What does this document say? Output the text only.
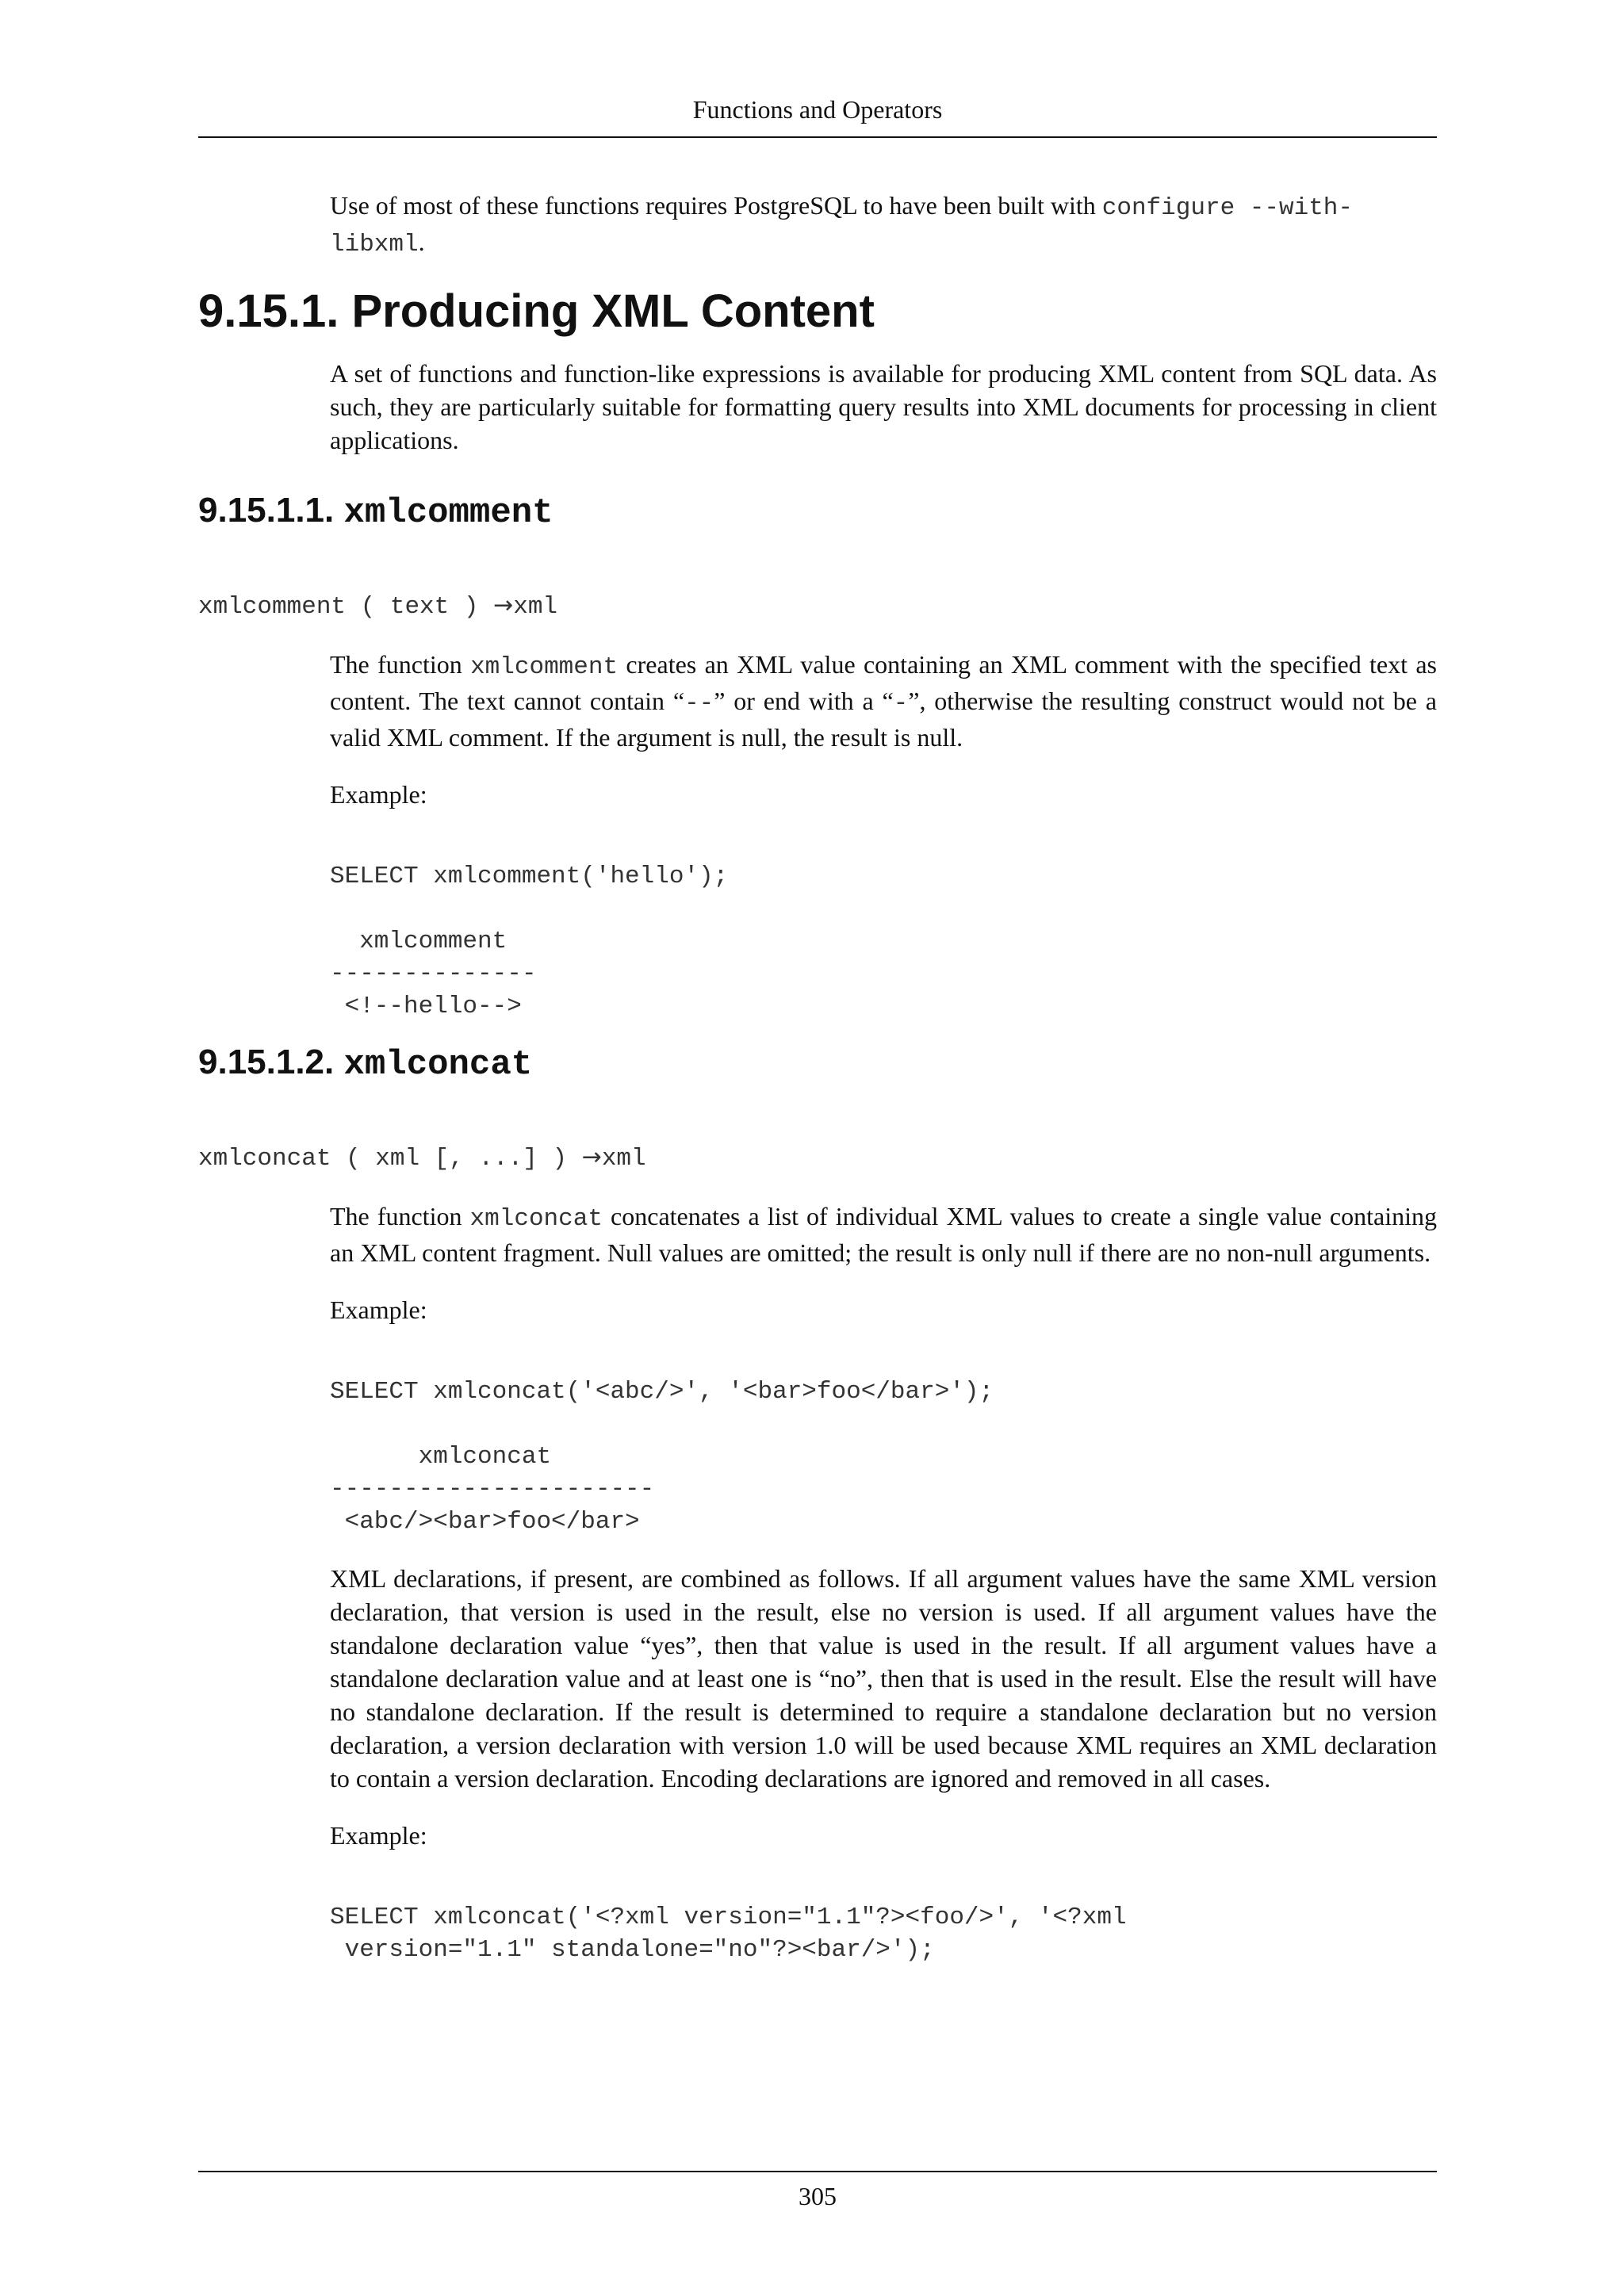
Functions and Operators

Use of most of these functions requires PostgreSQL to have been built with configure --with-libxml.

9.15.1. Producing XML Content

A set of functions and function-like expressions is available for producing XML content from SQL data. As such, they are particularly suitable for formatting query results into XML documents for processing in client applications.

9.15.1.1. xmlcomment
xmlcomment ( text ) →xml

The function xmlcomment creates an XML value containing an XML comment with the specified text as content. The text cannot contain “--” or end with a “-”, otherwise the resulting construct would not be a valid XML comment. If the argument is null, the result is null.

Example:

SELECT xmlcomment('hello');

xmlcomment
--------------
<!--hello-->
9.15.1.2. xmlconcat
xmlconcat ( xml [, ...] ) →xml

The function xmlconcat concatenates a list of individual XML values to create a single value containing an XML content fragment. Null values are omitted; the result is only null if there are no non-null arguments.

Example:

SELECT xmlconcat('<abc/>', '<bar>foo</bar>');

xmlconcat
----------------------
<abc/><bar>foo</bar>

XML declarations, if present, are combined as follows. If all argument values have the same XML version declaration, that version is used in the result, else no version is used. If all argument values have the standalone declaration value “yes”, then that value is used in the result. If all argument values have a standalone declaration value and at least one is “no”, then that is used in the result. Else the result will have no standalone declaration. If the result is determined to require a standalone declaration but no version declaration, a version declaration with version 1.0 will be used because XML requires an XML declaration to contain a version declaration. Encoding declarations are ignored and removed in all cases.

Example:

SELECT xmlconcat('<?xml version="1.1"?><foo/>', '<?xml
version="1.1" standalone="no"?><bar/>');
305
